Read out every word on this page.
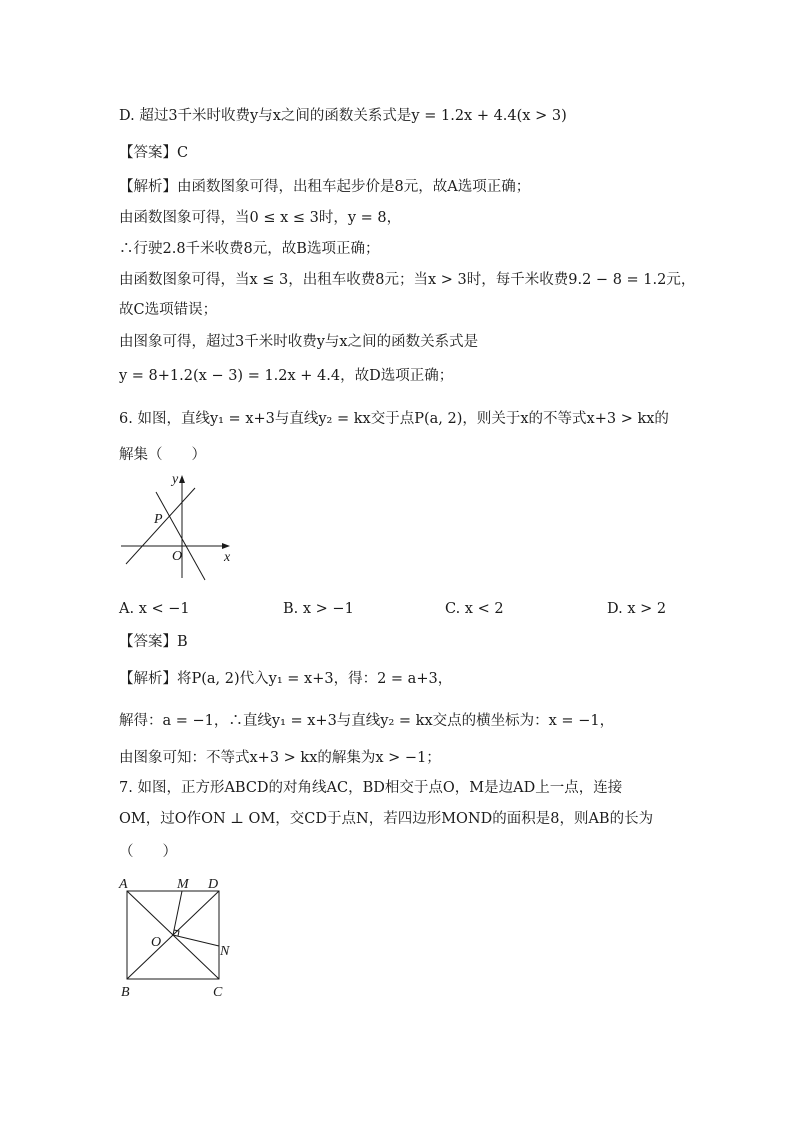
D. 超过3千米时收费y与x之间的函数关系式是y = 1.2x + 4.4(x > 3)
【答案】C
【解析】由函数图象可得，出租车起步价是8元，故A选项正确；
由函数图象可得，当0 ≤ x ≤ 3时，y = 8，
∴行驶2.8千米收费8元，故B选项正确；
由函数图象可得，当x ≤ 3，出租车收费8元；当x > 3时，每千米收费9.2 − 8 = 1.2元，
故C选项错误；
由图象可得，超过3千米时收费y与x之间的函数关系式是
y = 8+1.2(x − 3) = 1.2x + 4.4，故D选项正确；
6. 如图，直线y₁ = x+3与直线y₂ = kx交于点P(a, 2)，则关于x的不等式x+3 > kx的
解集（　　）
y
P
O	x
A. x < −1	B. x > −1	C. x < 2	D. x > 2
【答案】B
【解析】将P(a, 2)代入y₁ = x+3，得：2 = a+3，
解得：a = −1，∴直线y₁ = x+3与直线y₂ = kx交点的横坐标为：x = −1，
由图象可知：不等式x+3 > kx的解集为x > −1；
7. 如图，正方形ABCD的对角线AC，BD相交于点O，M是边AD上一点，连接
OM，过O作ON ⊥ OM，交CD于点N，若四边形MOND的面积是8，则AB的长为
（　　）
A	M D
O
N
B	C
